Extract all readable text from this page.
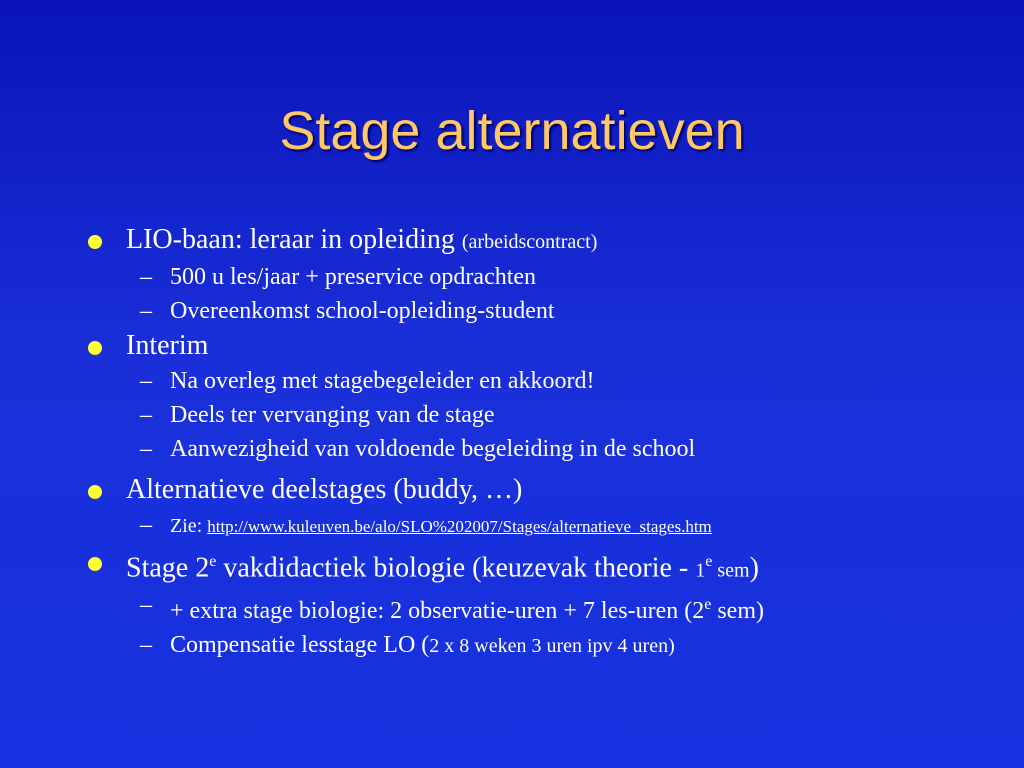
Stage alternatieven
LIO-baan: leraar in opleiding (arbeidscontract)
– 500 u les/jaar + preservice opdrachten
– Overeenkomst school-opleiding-student
Interim
– Na overleg met stagebegeleider en akkoord!
– Deels ter vervanging van de stage
– Aanwezigheid van voldoende begeleiding in de school
Alternatieve deelstages (buddy, …)
– Zie: http://www.kuleuven.be/alo/SLO%202007/Stages/alternatieve_stages.htm
Stage 2e vakdidactiek biologie (keuzevak theorie - 1e sem)
– + extra stage biologie: 2 observatie-uren + 7 les-uren (2e sem)
– Compensatie lesstage LO (2 x 8 weken 3 uren ipv 4 uren)
